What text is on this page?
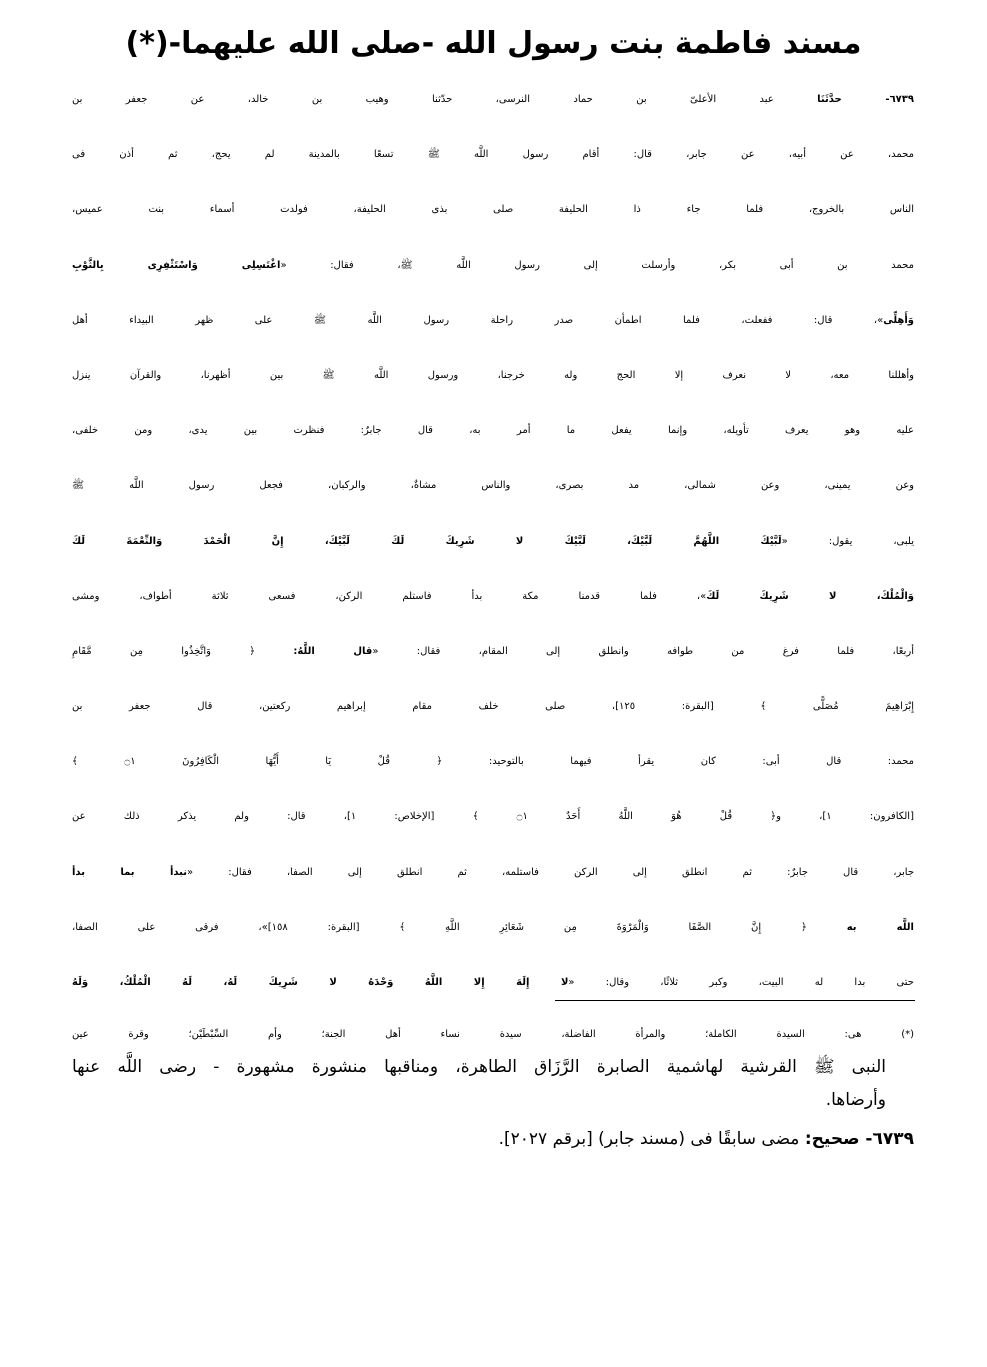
مسند فاطمة بنت رسول الله -صلى الله عليهما-(*)
٦٧٣٩- حدَّثَنَا عبد الأعلىّ بن حماد النرسى، حدّثنا وهيب بن خالد، عن جعفر بن
محمد، عن أبيه، عن جابر، قال: أقام رسول اللَّه ﷺ تسعًا بالمدينة لم يحج، ثم أذن فى
الناس بالخروج، فلما جاء ذا الحليفة صلى بذى الحليفة، فولدت أسماء بنت عميس،
محمد بن أبى بكر، وأرسلت إلى رسول اللَّه ﷺ، فقال: «اغْتَسِلِى وَاسْتَثْفِرِى بِالثَّوْبِ
وَأَهِلِّى»، قال: ففعلت، فلما اطمأن صدر راحلة رسول اللَّه ﷺ على ظهر البيداء أهل
وأهللنا معه، لا نعرف إلا الحج وله خرجنا، ورسول اللَّه ﷺ بين أظهرنا، والقرآن ينزل
عليه وهو يعرف تأويله، وإنما يفعل ما أمر به، قال جابرٌ: فنظرت بين يدى، ومن خلفى،
وعن يمينى، وعن شمالى، مد بصرى، والناس مشاةٌ، والركبان، فجعل رسول اللَّه ﷺ
يلبى، يقول: «لَبَّيْكَ اللَّهُمَّ لَبَّيْكَ، لَبَّيْكَ لا شَرِيكَ لَكَ لَبَّيْكَ، إِنَّ الْحَمْدَ وَالنِّعْمَةَ لَكَ
وَالْمُلْكَ، لا شَرِيكَ لَكَ»، فلما قدمنا مكة بدأ فاستلم الركن، فسعى ثلاثة أطواف، ومشى
أربعًا، فلما فرغ من طوافه وانطلق إلى المقام، فقال: «قال اللَّهُ: ﴿ وَاتَّخِذُوا مِن مَّقَامِ
إِبْرَاهِيمَ مُصَلًّى ﴾ [البقرة: ١٢٥]، صلى خلف مقام إبراهيم ركعتين، قال جعفر بن
محمد: قال أبى: كان يقرأ فيهما بالتوحيد: ﴿ قُلْ يَا أَيُّهَا الْكَافِرُونَ ۝١ ﴾
[الكافرون: ١]، و﴿ قُلْ هُوَ اللَّهُ أَحَدٌ ۝١ ﴾ [الإخلاص: ١]، قال: ولم يذكر ذلك عن
جابر، قال جابرٌ: ثم انطلق إلى الركن فاستلمه، ثم انطلق إلى الصفا، فقال: «نبدأ بما بدأ
اللَّه به ﴿ إِنَّ الصَّفَا وَالْمَرْوَةَ مِن شَعَائِرِ اللَّهِ ﴾ [البقرة: ١٥٨]»، فرقى على الصفا،
حتى بدا له البيت، وكبر ثلاثًا، وقال: «لا إِلَهَ إِلا اللَّهُ وَحْدَهُ لا شَرِيكَ لَهُ، لَهُ الْمُلْكُ، وَلَهُ
(*) هى: السيدة الكاملة؛ والمرأة الفاضلة، سيدة نساء أهل الجنة؛ وأم السِّبْطَيْن؛ وقرة عين
النبى ﷺ القرشية لهاشمية الصابرة الرَّزَاق الطاهرة، ومناقبها منشورة مشهورة - رضى اللَّه عنها
وأرضاها.
٦٧٣٩- صحيح: مضى سابقًا فى (مسند جابر) [برقم ٢٠٢٧].
